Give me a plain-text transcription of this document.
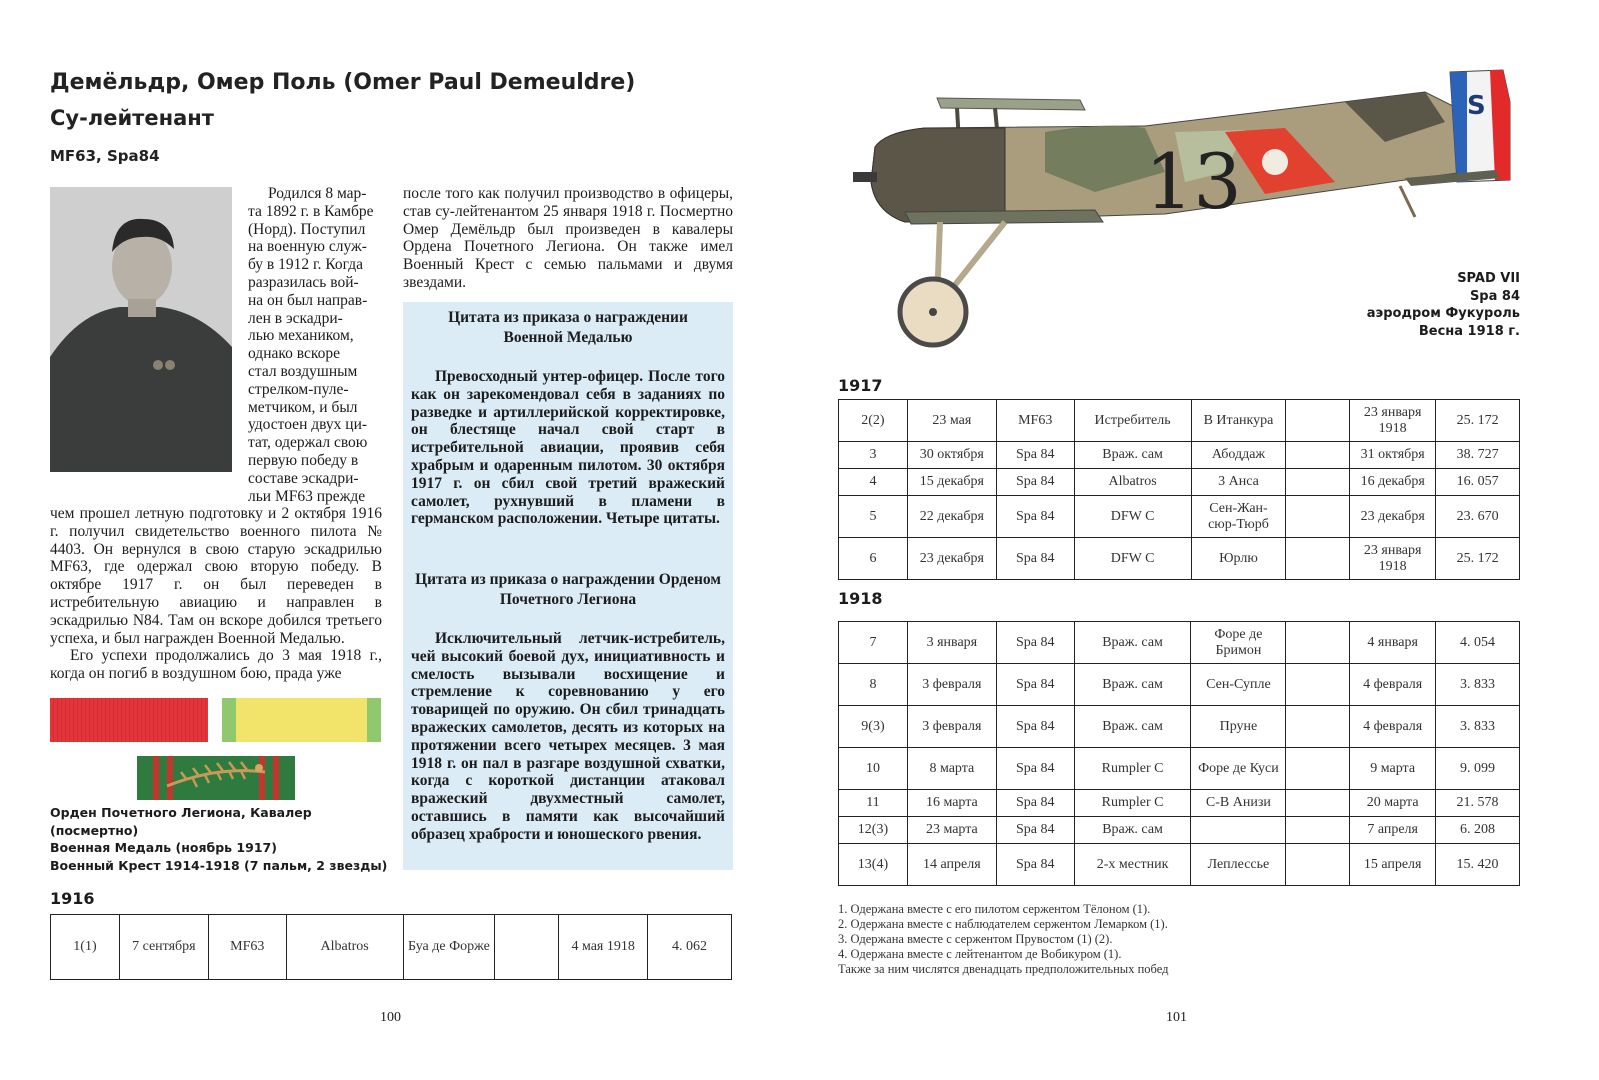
Демёльдр, Омер Поль (Omer Paul Demeuldre)
Су-лейтенант
MF63, Spa84
Родился 8 мар-
та 1892 г. в Камбре
(Норд). Поступил
на военную служ-
бу в 1912 г. Когда
разразилась вой-
на он был направ-
лен в эскадри-
лью механиком,
однако вскоре
стал воздушным
стрелком-пуле-
метчиком, и был
удостоен двух ци-
тат, одержал свою
первую победу в
составе эскадри-
льи MF63 прежде

чем прошел летную подготовку и 2 октября 1916 г. получил свидетельство военного пилота № 4403. Он вернулся в свою старую эскадрилью MF63, где одержал свою вторую победу. В октябре 1917 г. он был переведен в истребительную авиацию и направлен в эскадрилью N84. Там он вскоре добился третьего успеха, и был награжден Военной Медалью.

Его успехи продолжались до 3 мая 1918 г., когда он погиб в воздушном бою, прада уже

после того как получил производство в офицеры, став су-лейтенантом 25 января 1918 г. Посмертно Омер Демёльдр был произведен в кавалеры Ордена Почетного Легиона. Он также имел Военный Крест с семью пальмами и двумя звездами.

Цитата из приказа о награждении Военной Медалью

Превосходный унтер-офицер. После того как он зарекомендовал себя в заданиях по разведке и артиллерийской корректировке, он блестяще начал свой старт в истребительной авиации, проявив себя храбрым и одаренным пилотом. 30 октября 1917 г. он сбил свой третий вражеский самолет, рухнувший в пламени в германском расположении. Четыре цитаты.

Цитата из приказа о награждении Орденом Почетного Легиона

Исключительный летчик-истребитель, чей высокий боевой дух, инициативность и смелость вызывали восхищение и стремление к соревнованию у его товарищей по оружию. Он сбил тринадцать вражеских самолетов, десять из которых на протяжении всего четырех месяцев. 3 мая 1918 г. он пал в разгаре воздушной схватки, когда с короткой дистанции атаковал вражеский двухместный самолет, оставшись в памяти как высочайший образец храбрости и юношеского рвения.

Орден Почетного Легиона, Кавалер (посмертно)
Военная Медаль (ноябрь 1917)
Военный Крест 1914-1918 (7 пальм, 2 звезды)
1916
1(1)	7 сентября	MF63	Albatros	Буа де Форже		4 мая 1918	4. 062
100
S
13
SPAD VII
Spa 84
аэродром Фукуроль
Весна 1918 г.
1917
2(2)	23 мая	MF63	Истребитель	В Итанкура		23 января 1918	25. 172
3	30 октября	Spa 84	Враж. сам	Абоддаж		31 октября	38. 727
4	15 декабря	Spa 84	Albatros	3 Анса		16 декабря	16. 057
5	22 декабря	Spa 84	DFW C	Сен-Жан-сюр-Тюрб		23 декабря	23. 670
6	23 декабря	Spa 84	DFW C	Юрлю		23 января 1918	25. 172
1918
7	3 января	Spa 84	Враж. сам	Форе де Бримон		4 января	4. 054
8	3 февраля	Spa 84	Враж. сам	Сен-Супле		4 февраля	3. 833
9(3)	3 февраля	Spa 84	Враж. сам	Пруне		4 февраля	3. 833
10	8 марта	Spa 84	Rumpler C	Форе де Куси		9 марта	9. 099
11	16 марта	Spa 84	Rumpler C	С-В Анизи		20 марта	21. 578
12(3)	23 марта	Spa 84	Враж. сам			7 апреля	6. 208
13(4)	14 апреля	Spa 84	2-х местник	Леплессье		15 апреля	15. 420
1. Одержана вместе с его пилотом сержентом Тёлоном (1).
2. Одержана вместе с наблюдателем сержентом Лемарком (1).
3. Одержана вместе с сержентом Прувостом (1) (2).
4. Одержана вместе с лейтенантом де Вобикуром (1).
Также за ним числятся двенадцать предположительных побед
101
